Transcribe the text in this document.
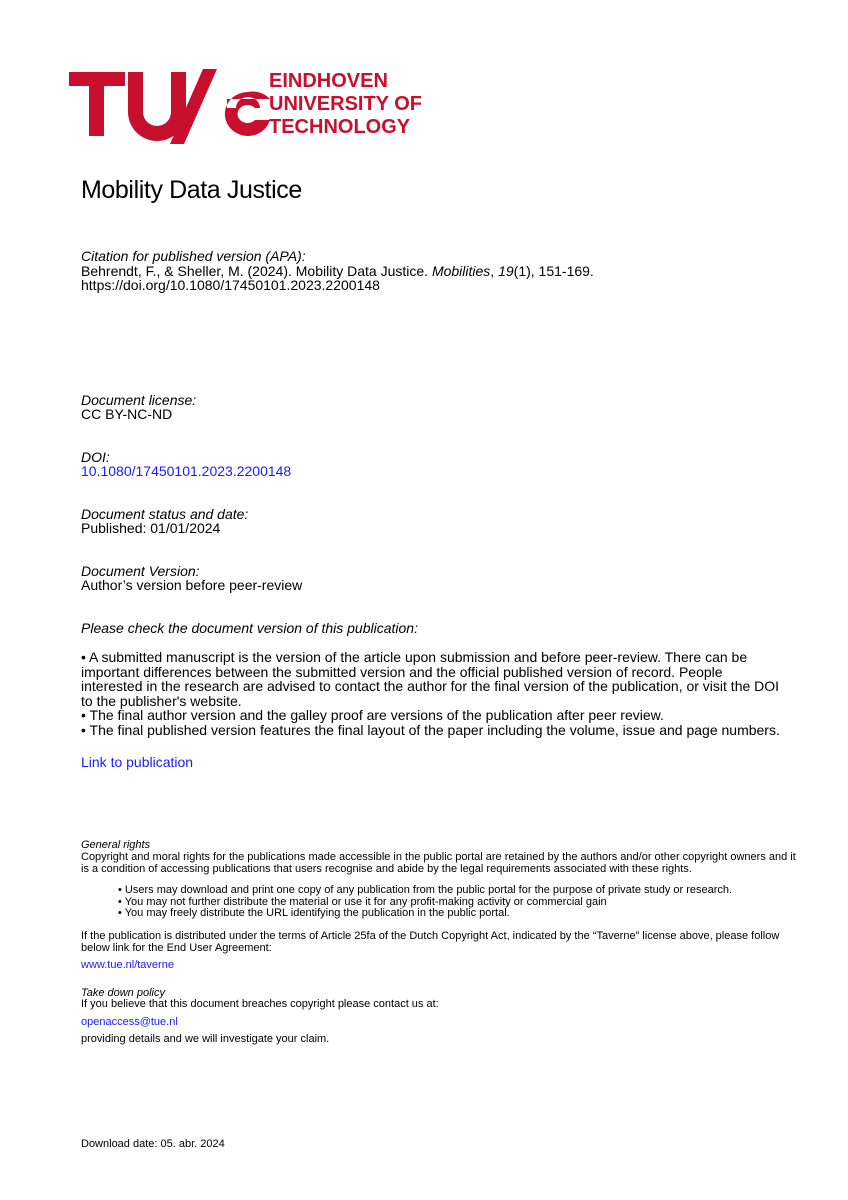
EINDHOVEN
UNIVERSITY OF
TECHNOLOGY
Mobility Data Justice
Citation for published version (APA):
Behrendt, F., & Sheller, M. (2024). Mobility Data Justice. Mobilities, 19(1), 151-169.
https://doi.org/10.1080/17450101.2023.2200148
Document license:
CC BY-NC-ND
DOI:
10.1080/17450101.2023.2200148
Document status and date:
Published: 01/01/2024
Document Version:
Author’s version before peer-review
Please check the document version of this publication:
• A submitted manuscript is the version of the article upon submission and before peer-review. There can be important differences between the submitted version and the official published version of record. People interested in the research are advised to contact the author for the final version of the publication, or visit the DOI to the publisher's website.
• The final author version and the galley proof are versions of the publication after peer review.
• The final published version features the final layout of the paper including the volume, issue and page numbers.
Link to publication
General rights
Copyright and moral rights for the publications made accessible in the public portal are retained by the authors and/or other copyright owners and it is a condition of accessing publications that users recognise and abide by the legal requirements associated with these rights.
• Users may download and print one copy of any publication from the public portal for the purpose of private study or research.
• You may not further distribute the material or use it for any profit-making activity or commercial gain
• You may freely distribute the URL identifying the publication in the public portal.
If the publication is distributed under the terms of Article 25fa of the Dutch Copyright Act, indicated by the “Taverne” license above, please follow below link for the End User Agreement:
www.tue.nl/taverne
Take down policy
If you believe that this document breaches copyright please contact us at:
openaccess@tue.nl
providing details and we will investigate your claim.
Download date: 05. abr. 2024
